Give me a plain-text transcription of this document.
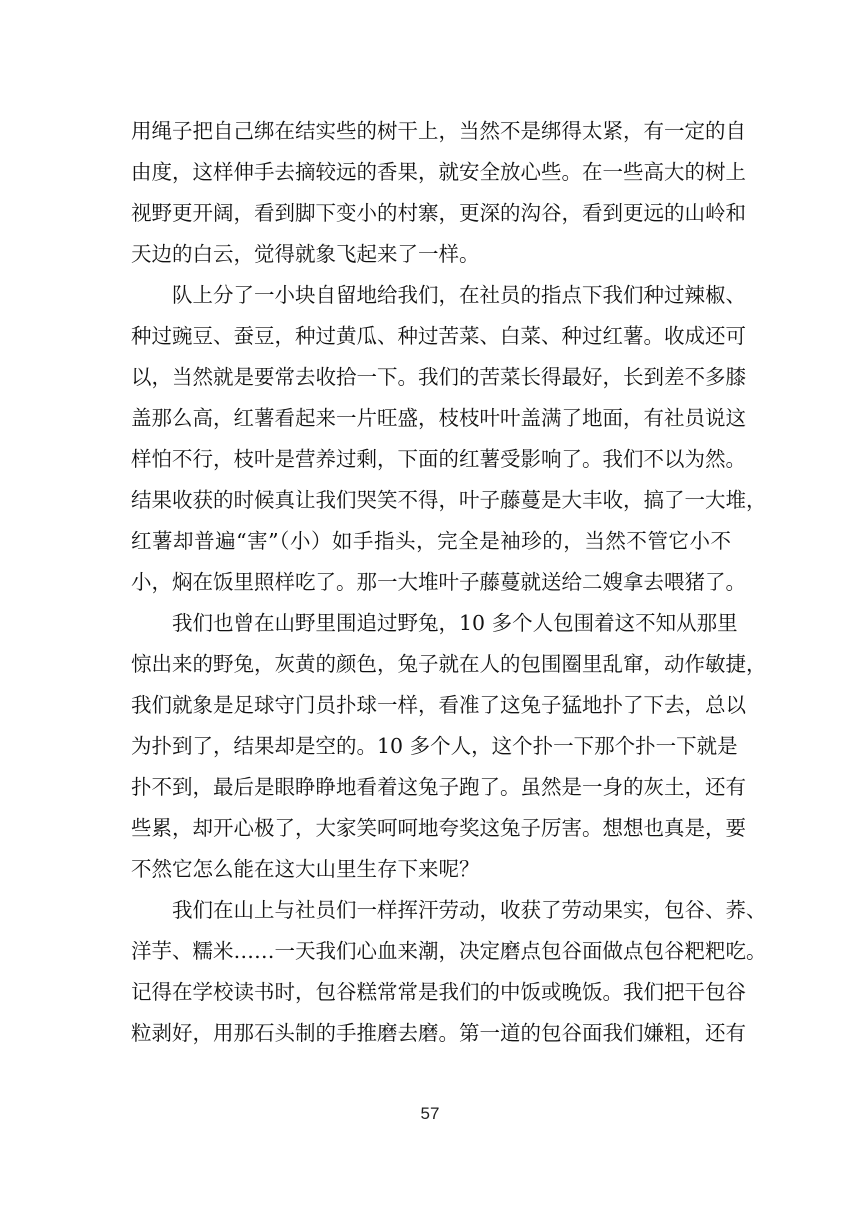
用绳子把自己绑在结实些的树干上，当然不是绑得太紧，有一定的自
由度，这样伸手去摘较远的香果，就安全放心些。在一些高大的树上
视野更开阔，看到脚下变小的村寨，更深的沟谷，看到更远的山岭和
天边的白云，觉得就象飞起来了一样。
队上分了一小块自留地给我们，在社员的指点下我们种过辣椒、
种过豌豆、蚕豆，种过黄瓜、种过苦菜、白菜、种过红薯。收成还可
以，当然就是要常去收拾一下。我们的苦菜长得最好，长到差不多膝
盖那么高，红薯看起来一片旺盛，枝枝叶叶盖满了地面，有社员说这
样怕不行，枝叶是营养过剩，下面的红薯受影响了。我们不以为然。
结果收获的时候真让我们哭笑不得，叶子藤蔓是大丰收，搞了一大堆，
红薯却普遍“害”（小）如手指头，完全是袖珍的，当然不管它小不
小，焖在饭里照样吃了。那一大堆叶子藤蔓就送给二嫂拿去喂猪了。
我们也曾在山野里围追过野兔，10 多个人包围着这不知从那里
惊出来的野兔，灰黄的颜色，兔子就在人的包围圈里乱窜，动作敏捷，
我们就象是足球守门员扑球一样，看准了这兔子猛地扑了下去，总以
为扑到了，结果却是空的。10 多个人，这个扑一下那个扑一下就是
扑不到，最后是眼睁睁地看着这兔子跑了。虽然是一身的灰土，还有
些累，却开心极了，大家笑呵呵地夸奖这兔子厉害。想想也真是，要
不然它怎么能在这大山里生存下来呢？
我们在山上与社员们一样挥汗劳动，收获了劳动果实，包谷、荞、
洋芋、糯米……一天我们心血来潮，决定磨点包谷面做点包谷粑粑吃。
记得在学校读书时，包谷糕常常是我们的中饭或晚饭。我们把干包谷
粒剥好，用那石头制的手推磨去磨。第一道的包谷面我们嫌粗，还有
57
